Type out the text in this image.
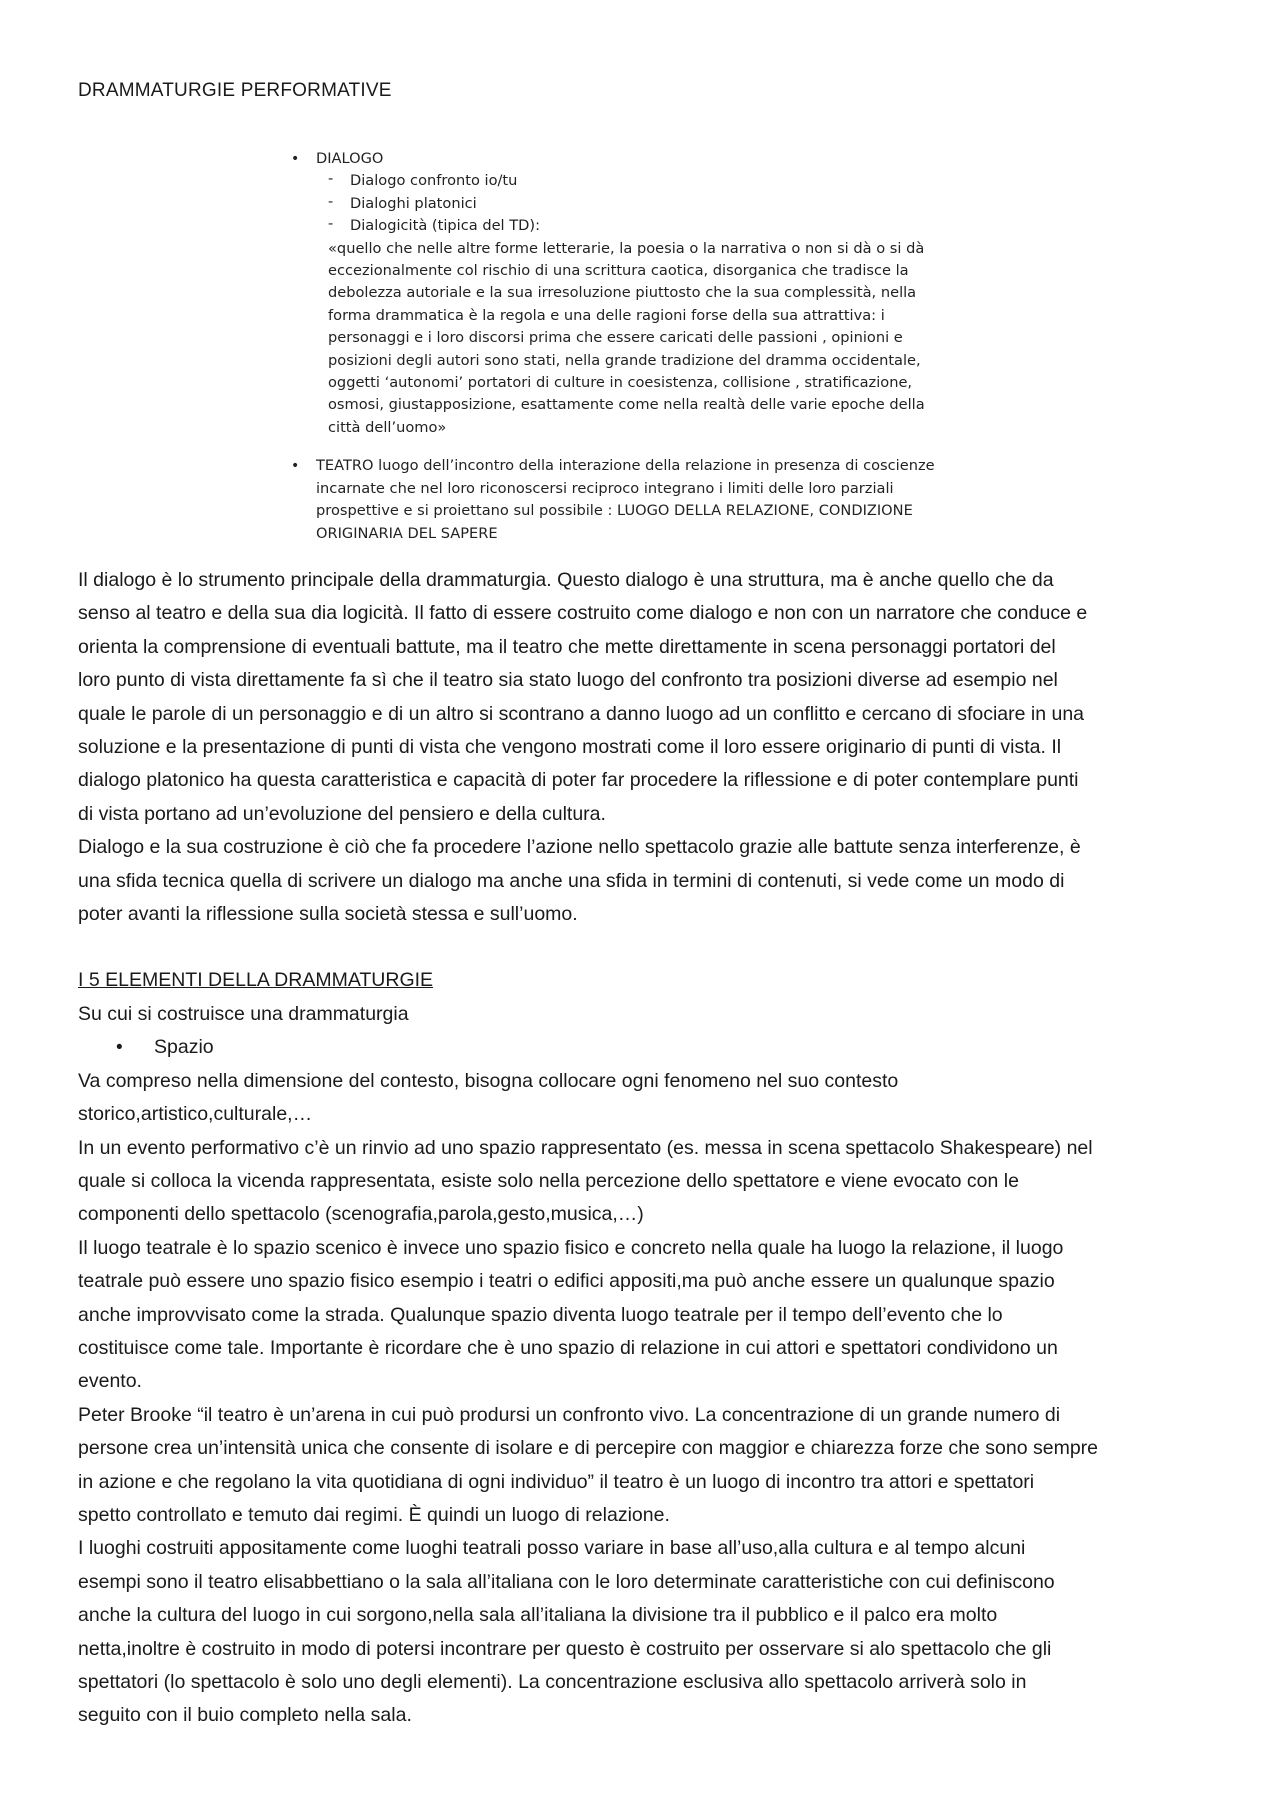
DRAMMATURGIE PERFORMATIVE
• DIALOGO
- Dialogo confronto io/tu
- Dialoghi platonici
- Dialogicità (tipica del TD):
«quello che nelle altre forme letterarie, la poesia o la narrativa o non si dà o si dà
eccezionalmente col rischio di una scrittura caotica, disorganica che tradisce la
debolezza autoriale e la sua irresoluzione piuttosto che la sua complessità, nella
forma drammatica è la regola e una delle ragioni forse della sua attrattiva: i
personaggi e i loro discorsi prima che essere caricati delle passioni , opinioni e
posizioni degli autori sono stati, nella grande tradizione del dramma occidentale,
oggetti ‘autonomi’ portatori di culture in coesistenza, collisione , stratificazione,
osmosi, giustapposizione, esattamente come nella realtà delle varie epoche della
città dell’uomo»
• TEATRO luogo dell’incontro della interazione della relazione in presenza di coscienze
incarnate che nel loro riconoscersi reciproco integrano i limiti delle loro parziali
prospettive e si proiettano sul possibile : LUOGO DELLA RELAZIONE, CONDIZIONE
ORIGINARIA DEL SAPERE

Il dialogo è lo strumento principale della drammaturgia. Questo dialogo è una struttura, ma è anche quello che da
senso al teatro e della sua dia logicità. Il fatto di essere costruito come dialogo e non con un narratore che conduce e
orienta la comprensione di eventuali battute, ma il teatro che mette direttamente in scena personaggi portatori del
loro punto di vista direttamente fa sì che il teatro sia stato luogo del confronto tra posizioni diverse ad esempio nel
quale le parole di un personaggio e di un altro si scontrano a danno luogo ad un conflitto e cercano di sfociare in una
soluzione e la presentazione di punti di vista che vengono mostrati come il loro essere originario di punti di vista. Il
dialogo platonico ha questa caratteristica e capacità di poter far procedere la riflessione e di poter contemplare punti
di vista portano ad un’evoluzione del pensiero e della cultura.

Dialogo e la sua costruzione è ciò che fa procedere l’azione nello spettacolo grazie alle battute senza interferenze, è
una sfida tecnica quella di scrivere un dialogo ma anche una sfida in termini di contenuti, si vede come un modo di
poter avanti la riflessione sulla società stessa e sull’uomo.

I 5 ELEMENTI DELLA DRAMMATURGIE

Su cui si costruisce una drammaturgia

• Spazio

Va compreso nella dimensione del contesto, bisogna collocare ogni fenomeno nel suo contesto
storico,artistico,culturale,…
In un evento performativo c’è un rinvio ad uno spazio rappresentato (es. messa in scena spettacolo Shakespeare) nel
quale si colloca la vicenda rappresentata, esiste solo nella percezione dello spettatore e viene evocato con le
componenti dello spettacolo (scenografia,parola,gesto,musica,…)
Il luogo teatrale è lo spazio scenico è invece uno spazio fisico e concreto nella quale ha luogo la relazione, il luogo
teatrale può essere uno spazio fisico esempio i teatri o edifici appositi,ma può anche essere un qualunque spazio
anche improvvisato come la strada. Qualunque spazio diventa luogo teatrale per il tempo dell’evento che lo
costituisce come tale. Importante è ricordare che è uno spazio di relazione in cui attori e spettatori condividono un
evento.
Peter Brooke “il teatro è un’arena in cui può prodursi un confronto vivo. La concentrazione di un grande numero di
persone crea un’intensità unica che consente di isolare e di percepire con maggior e chiarezza forze che sono sempre
in azione e che regolano la vita quotidiana di ogni individuo” il teatro è un luogo di incontro tra attori e spettatori
spetto controllato e temuto dai regimi. È quindi un luogo di relazione.
I luoghi costruiti appositamente come luoghi teatrali posso variare in base all’uso,alla cultura e al tempo alcuni
esempi sono il teatro elisabbettiano o la sala all’italiana con le loro determinate caratteristiche con cui definiscono
anche la cultura del luogo in cui sorgono,nella sala all’italiana la divisione tra il pubblico e il palco era molto
netta,inoltre è costruito in modo di potersi incontrare per questo è costruito per osservare si alo spettacolo che gli
spettatori (lo spettacolo è solo uno degli elementi). La concentrazione esclusiva allo spettacolo arriverà solo in
seguito con il buio completo nella sala.
